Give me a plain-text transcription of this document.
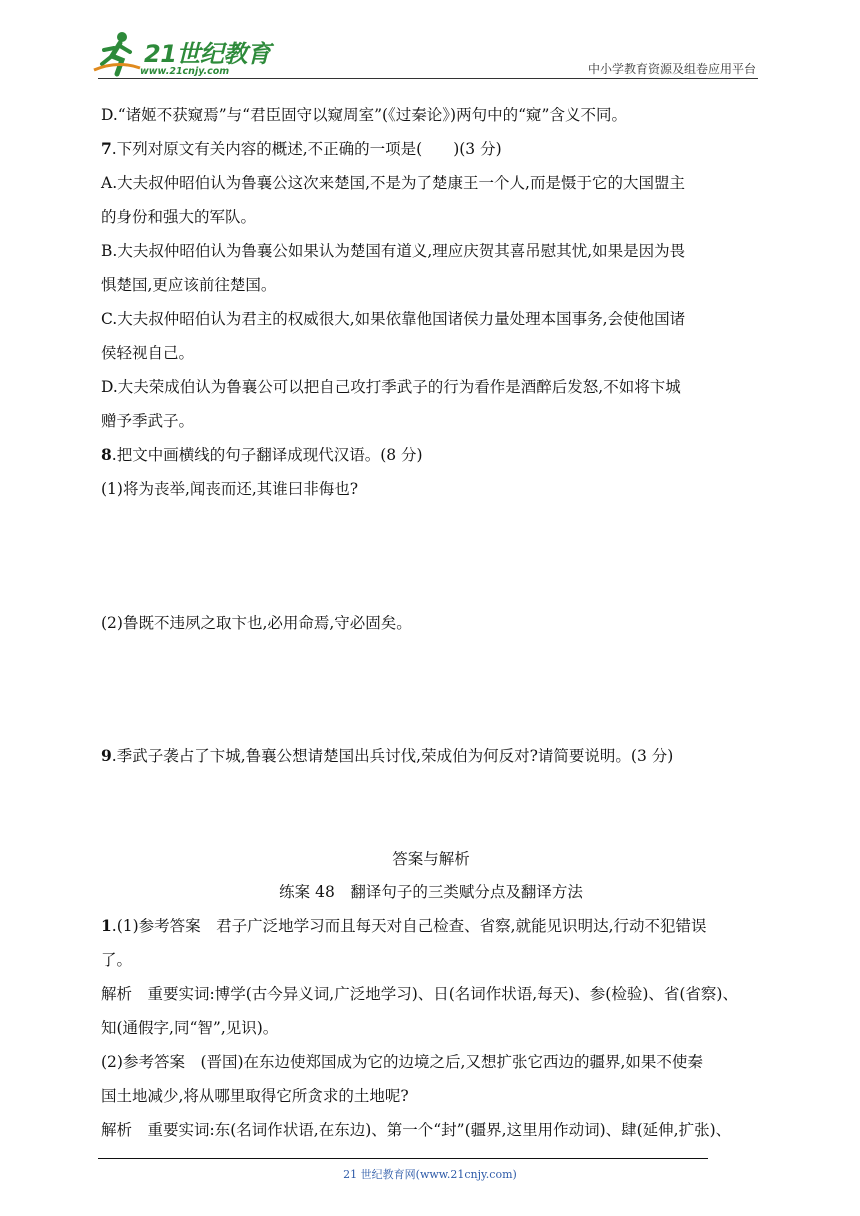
21世纪教育
www.21cnjy.com	中小学教育资源及组卷应用平台
D.“诸姬不获窥焉”与“君臣固守以窥周室”(《过秦论》)两句中的“窥”含义不同。
7.下列对原文有关内容的概述,不正确的一项是(　　)(3 分)
A.大夫叔仲昭伯认为鲁襄公这次来楚国,不是为了楚康王一个人,而是慑于它的大国盟主
的身份和强大的军队。
B.大夫叔仲昭伯认为鲁襄公如果认为楚国有道义,理应庆贺其喜吊慰其忧,如果是因为畏
惧楚国,更应该前往楚国。
C.大夫叔仲昭伯认为君主的权威很大,如果依靠他国诸侯力量处理本国事务,会使他国诸
侯轻视自己。
D.大夫荣成伯认为鲁襄公可以把自己攻打季武子的行为看作是酒醉后发怒,不如将卞城
赠予季武子。
8.把文中画横线的句子翻译成现代汉语。(8 分)
(1)将为丧举,闻丧而还,其谁曰非侮也?
(2)鲁既不违夙之取卞也,必用命焉,守必固矣。
9.季武子袭占了卞城,鲁襄公想请楚国出兵讨伐,荣成伯为何反对?请简要说明。(3 分)
答案与解析
练案 48　翻译句子的三类赋分点及翻译方法
1.(1)参考答案　君子广泛地学习而且每天对自己检查、省察,就能见识明达,行动不犯错误
了。
解析　重要实词:博学(古今异义词,广泛地学习)、日(名词作状语,每天)、参(检验)、省(省察)、
知(通假字,同“智”,见识)。
(2)参考答案　(晋国)在东边使郑国成为它的边境之后,又想扩张它西边的疆界,如果不使秦
国土地减少,将从哪里取得它所贪求的土地呢?
解析　重要实词:东(名词作状语,在东边)、第一个“封”(疆界,这里用作动词)、肆(延伸,扩张)、
21 世纪教育网(www.21cnjy.com)
